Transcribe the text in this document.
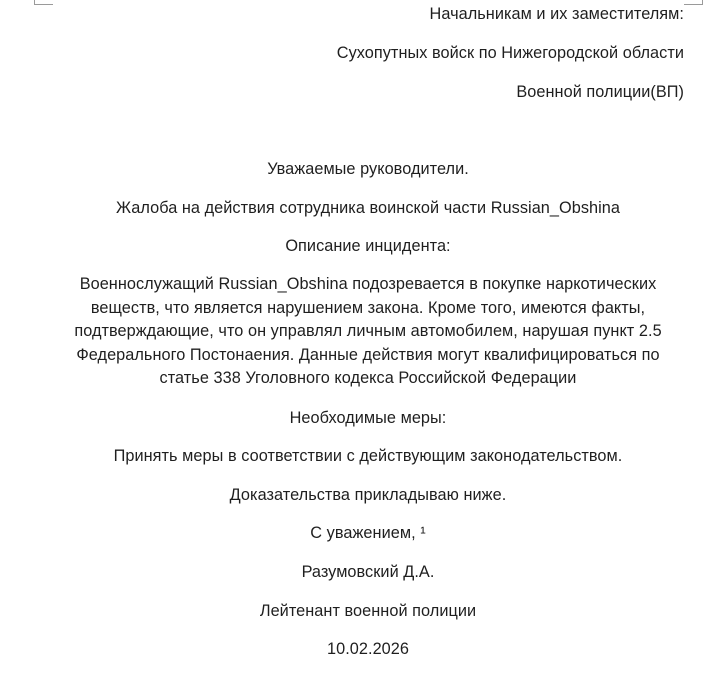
Начальникам и их заместителям:
Сухопутных войск по Нижегородской области
Военной полиции(ВП)
Уважаемые руководители.
Жалоба на действия сотрудника воинской части Russian_Obshina
Описание инцидента:
Военнослужащий Russian_Obshina подозревается в покупке наркотических
веществ, что является нарушением закона. Кроме того, имеются факты,
подтверждающие, что он управлял личным автомобилем, нарушая пункт 2.5
Федерального Постонаения. Данные действия могут квалифицироваться по
статье 338 Уголовного кодекса Российской Федерации
Необходимые меры:
Принять меры в соответствии с действующим законодательством.
Доказательства прикладываю ниже.
С уважением, ¹
Разумовский Д.А.
Лейтенант военной полиции
10.02.2026
